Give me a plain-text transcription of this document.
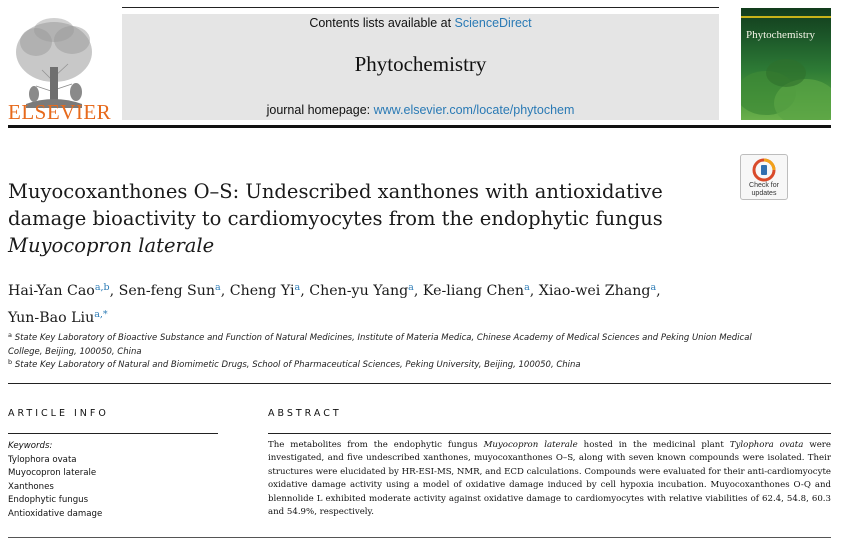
ELSEVIER
Contents lists available at ScienceDirect
Phytochemistry
journal homepage: www.elsevier.com/locate/phytochem
Phytochemistry
Check for updates
Muyocoxanthones O–S: Undescribed xanthones with antioxidative damage bioactivity to cardiomyocytes from the endophytic fungus
Muyocopron laterale
Hai-Yan Cao$^{a,b}$, Sen-feng Sun$^a$, Cheng Yi$^a$, Chen-yu Yang$^a$, Ke-liang Chen$^a$, Xiao-wei Zhang$^a$,
Yun-Bao Liu$^{a,*}$
$^a$ State Key Laboratory of Bioactive Substance and Function of Natural Medicines, Institute of Materia Medica, Chinese Academy of Medical Sciences and Peking Union Medical College, Beijing, 100050, China
$^b$ State Key Laboratory of Natural and Biomimetic Drugs, School of Pharmaceutical Sciences, Peking University, Beijing, 100050, China
ARTICLE INFO	ABSTRACT
Keywords:
Tylophora ovata
Muyocopron laterale
Xanthones
Endophytic fungus
Antioxidative damage
The metabolites from the endophytic fungus Muyocopron laterale hosted in the medicinal plant Tylophora ovata were investigated, and five undescribed xanthones, muyocoxanthones O–S, along with seven known compounds were isolated. Their structures were elucidated by HR-ESI-MS, NMR, and ECD calculations. Compounds were evaluated for their anti-cardiomyocyte oxidative damage activity using a model of oxidative damage induced by cell hypoxia incubation. Muyocoxanthones O-Q and blennolide L exhibited moderate activity against oxidative damage to cardiomyocytes with relative viabilities of 62.4, 54.8, 60.3 and 54.9%, respectively.
